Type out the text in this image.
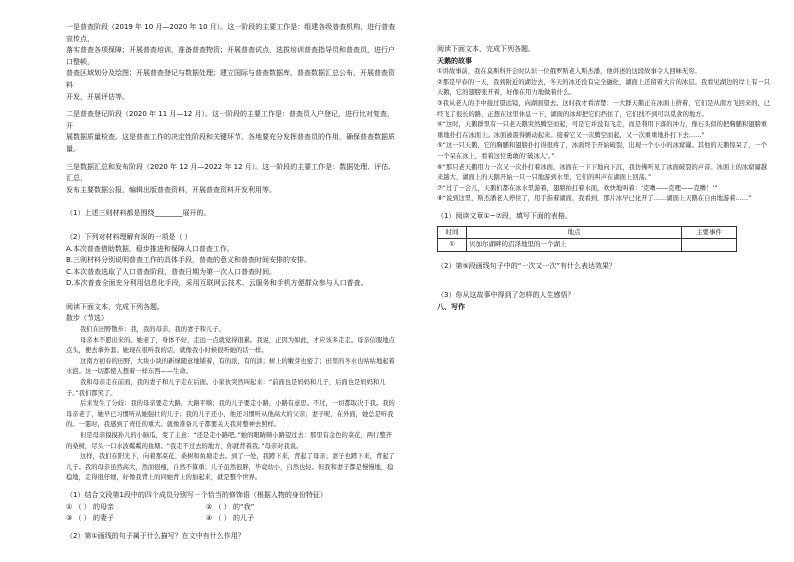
一是普查阶段（2019 年 10 月—2020 年 10 月）。这一阶段的主要工作是：组建各级普查机构，进行普查宣传点，

落实普查各项保障；开展普查培训，准备普查物资；开展普查试点，选拔培训普查指导员和普查员，进行户口整顿，

普查区域划分及绘图；开展普查登记与数据处理；建立国际与普查数据库，普查数据汇总公布，开展普查资料

开发，开展评估等。

二是普查登记阶段（2020 年 11 月—12 月）。这一阶段的主要工作是：普查员入户登记，进行比对复查，开

展数据质量检查。这是普查工作的决定性阶段和关键环节。各地要充分发挥普查员的作用，确保普查数据质量。

三是数据汇总和发布阶段（2020 年 12 月—2022 年 12 月）。这一阶段的主要工作是：数据处理、评估、汇总，

发布主要数据公报，编辑出版普查资料，开展普查资料开发利用等。

（1）上述三则材料都是围绕________展开的。

（2）下列对材料理解有误的一项是（ ）

A.本次普查借助数据，稳步推进和保障人口普查工作。

B.三则材料分别说明普查工作的具体手段，普查的意义和普查时间安排的安排。

C.本次普查选取了人口普查阶段，普查日期为第一次人口普查时间。

D.本次普查全面充分利用信息化手段，采用互联网云技术、云服务和手机方便群众参与人口普查。

阅读下面文本，完成下列各题。

散步（节选）

我们在田野散步：我，我的母亲，我的妻子和儿子。

母亲本不愿出来的。她老了，身体不好，走远一点就觉得很累。我说，正因为如此，才应该多走走。母亲信服地点点头，便去拿外套。她现在很听我的话，就像我小时候很听她的话一样。

这南方初春的田野，大块小块的新绿随意地铺着，有的浓，有的淡；树上的嫩芽也密了；田里的冬水也咕咕地起着水泡。这一切都使人想着一样东西——生命。

我和母亲走在前面，我的妻子和儿子走在后面。小家伙突然叫起来：“前面也是妈妈和儿子，后面也是妈妈和儿子。”我们都笑了。

后来发生了分歧：我的母亲要走大路，大路平顺；我的儿子要走小路，小路有意思。不过，一切都取决于我。我的母亲老了，她早已习惯听从她强壮的儿子；我的儿子还小，他还习惯听从他高大的父亲；妻子呢，在外面，她总是听我的。一霎时，我感到了责任的重大。就像准备儿子都要关天我对整神去照样。

但是母亲摸摸孙儿的小脑瓜，变了主意：“还是走小路吧。”她的眼睛顺小路望过去：那里有金色的菜花，两行整齐的桑树，尽头一口水波粼粼的鱼塘。“我走不过去的地方，你就背着我。”母亲对我说。

这样，我们在阳光下，向着那菜花、桑树和鱼塘走去。到了一处，我蹲下来，背起了母亲；妻子也蹲下来，背起了儿子。我的母亲虽然高大，然而很瘦，自然不算重；儿子虽然很胖，毕竟幼小，自然也轻。但我和妻子都是慢慢地，稳稳地，走得很仔细，好像我背上的同她背上的加起来，就是整个世界。

（1）结合文段第1段中的四个成员分别写一个恰当的修饰语（根据人物的身份特征）

① （ ） 的母亲	② （ ） 的“我”
③ （ ） 的妻子	④ （ ） 的儿子

（2）第①画线的句子属于什么描写？在文中有什么作用？

阅读下面文本，完成下列各题。

天鹅的故事

①讲故事前，我在莫斯科开会时认识一位俄罗斯老人斯杰潘，他讲述的这段故事令人回味无穷。

②那是早春的一天，我到附近的湖边去，冬天的冰还没有完全融化，湖面上还留着大片的冰层。我看见湖边的岸上有一只天鹅，它的翅膀张开着，好像在用力地做着什么。

③我从老人的手中接过望远镜，向湖面望去。这时我才看清楚：一大群天鹅正在冰面上挤着，它们是从南方飞回来的，已经飞了很长的路，正想在这里休息一下，湖面的冰却把它们挡住了，它们找不到可以觅食的地方。

④“这时，天鹅群里有一只老天鹅突然腾空而起，可是它并没有飞走，而是利用下落的冲力，像石头似的把胸脯和翅膀重重地扑打在冰面上。冰面被震得颤动起来。接着它又一次腾空而起，又一次重重地扑打下去……”

⑤“这一只天鹅，它的胸脯和翅膀扑打得很疼了，冰面终于开始破裂，出现一个小小的冰窟窿。其他的天鹅惊呆了，一个一个呆在冰上，看着这位勇敢的‘破冰人’。”

⑥“那只老天鹅用力一次又一次扑打着冰面，冰面在一下下地向下沉，我仿佛听见了冰面破裂的声音。冰面上的冰窟窿越来越大，湖面上的天鹅开始一只一只地游到水里，它们的叫声在湖面上回荡。”

⑦“过了一会儿，天鹅们都在冰水里游着，翅膀拍打着水面，欢快地叫着：‘克噜——克哩——克噜！’”

⑧“说到这里，斯杰潘老人停住了，用手指着湖面，我看到，那片冰早已化开了……湖面上天鹅在自由地游着……”

（1）阅读文章①~⑦段，填写下面的表格。

时间	地点	主要事件
①	贝加尔湖畔的沼泽地里的一个湖上	

（2）第⑤段画线句子中的“一次又一次”有什么表达效果？

（3）你从这故事中得到了怎样的人生感悟？

八、写作
